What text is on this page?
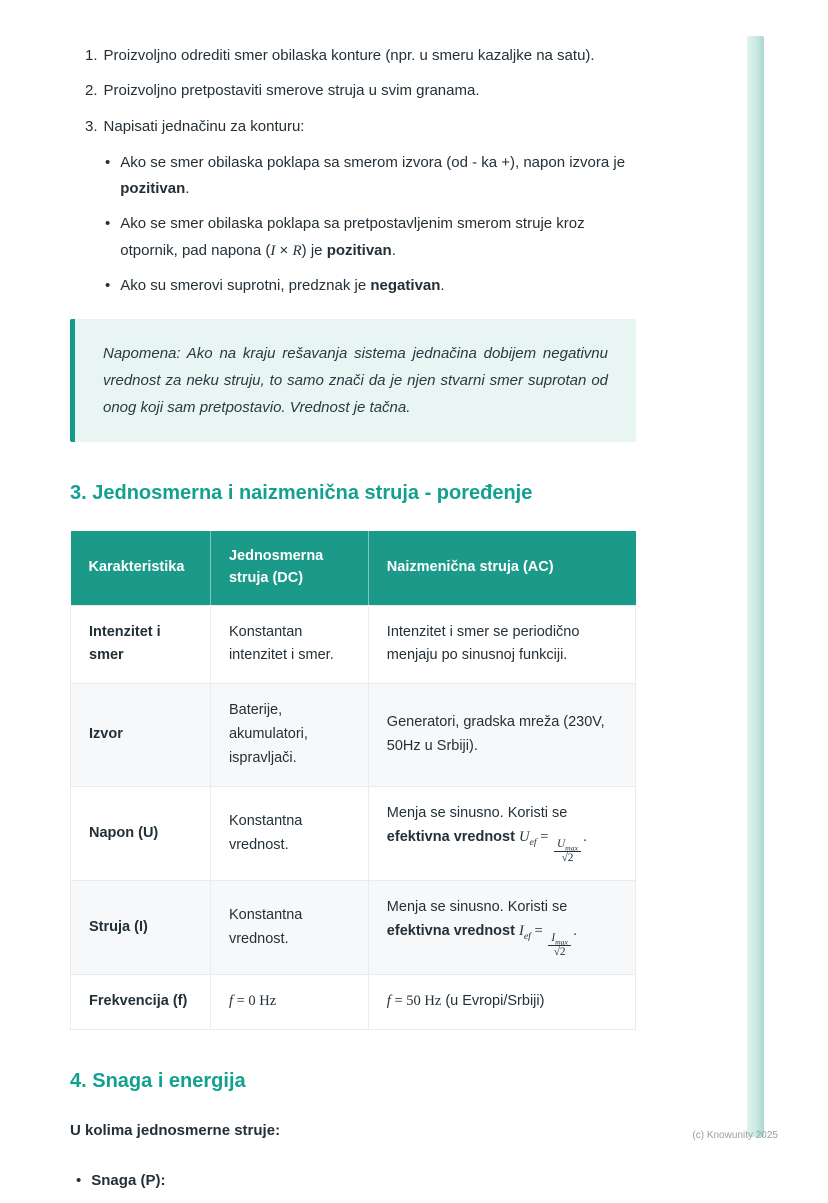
1. Proizvoljno odrediti smer obilaska konture (npr. u smeru kazaljke na satu).
2. Proizvoljno pretpostaviti smerove struja u svim granama.
3. Napisati jednačinu za konturu:
•
Ako se smer obilaska poklapa sa smerom izvora (od - ka +), napon izvora je pozitivan.
•
Ako se smer obilaska poklapa sa pretpostavljenim smerom struje kroz otpornik, pad napona (I × R) je pozitivan.
•
Ako su smerovi suprotni, predznak je negativan.
Napomena: Ako na kraju rešavanja sistema jednačina dobijem negativnu vrednost za neku struju, to samo znači da je njen stvarni smer suprotan od onog koji sam pretpostavio. Vrednost je tačna.
3. Jednosmerna i naizmenična struja - poređenje
Karakteristika	Jednosmerna struja (DC)	Naizmenična struja (AC)
Intenzitet i smer	Konstantan intenzitet i smer.	Intenzitet i smer se periodično menjaju po sinusnoj funkciji.
Izvor	Baterije, akumulatori, ispravljači.	Generatori, gradska mreža (230V, 50Hz u Srbiji).
Napon (U)	Konstantna vrednost.	Menja se sinusno. Koristi se efektivna vrednost $U_{ef}$ =
$\frac{U_{max}}{√2}$
.
Struja (I)	Konstantna vrednost.	Menja se sinusno. Koristi se efektivna vrednost $I_{ef}$ =
$\frac{I_{max}}{√2}$
.
Frekvencija (f)	f = 0 Hz	f = 50 Hz (u Evropi/Srbiji)
4. Snaga i energija

U kolima jednosmerne struje:

•
Snaga (P):
(c) Knowunity 2025
